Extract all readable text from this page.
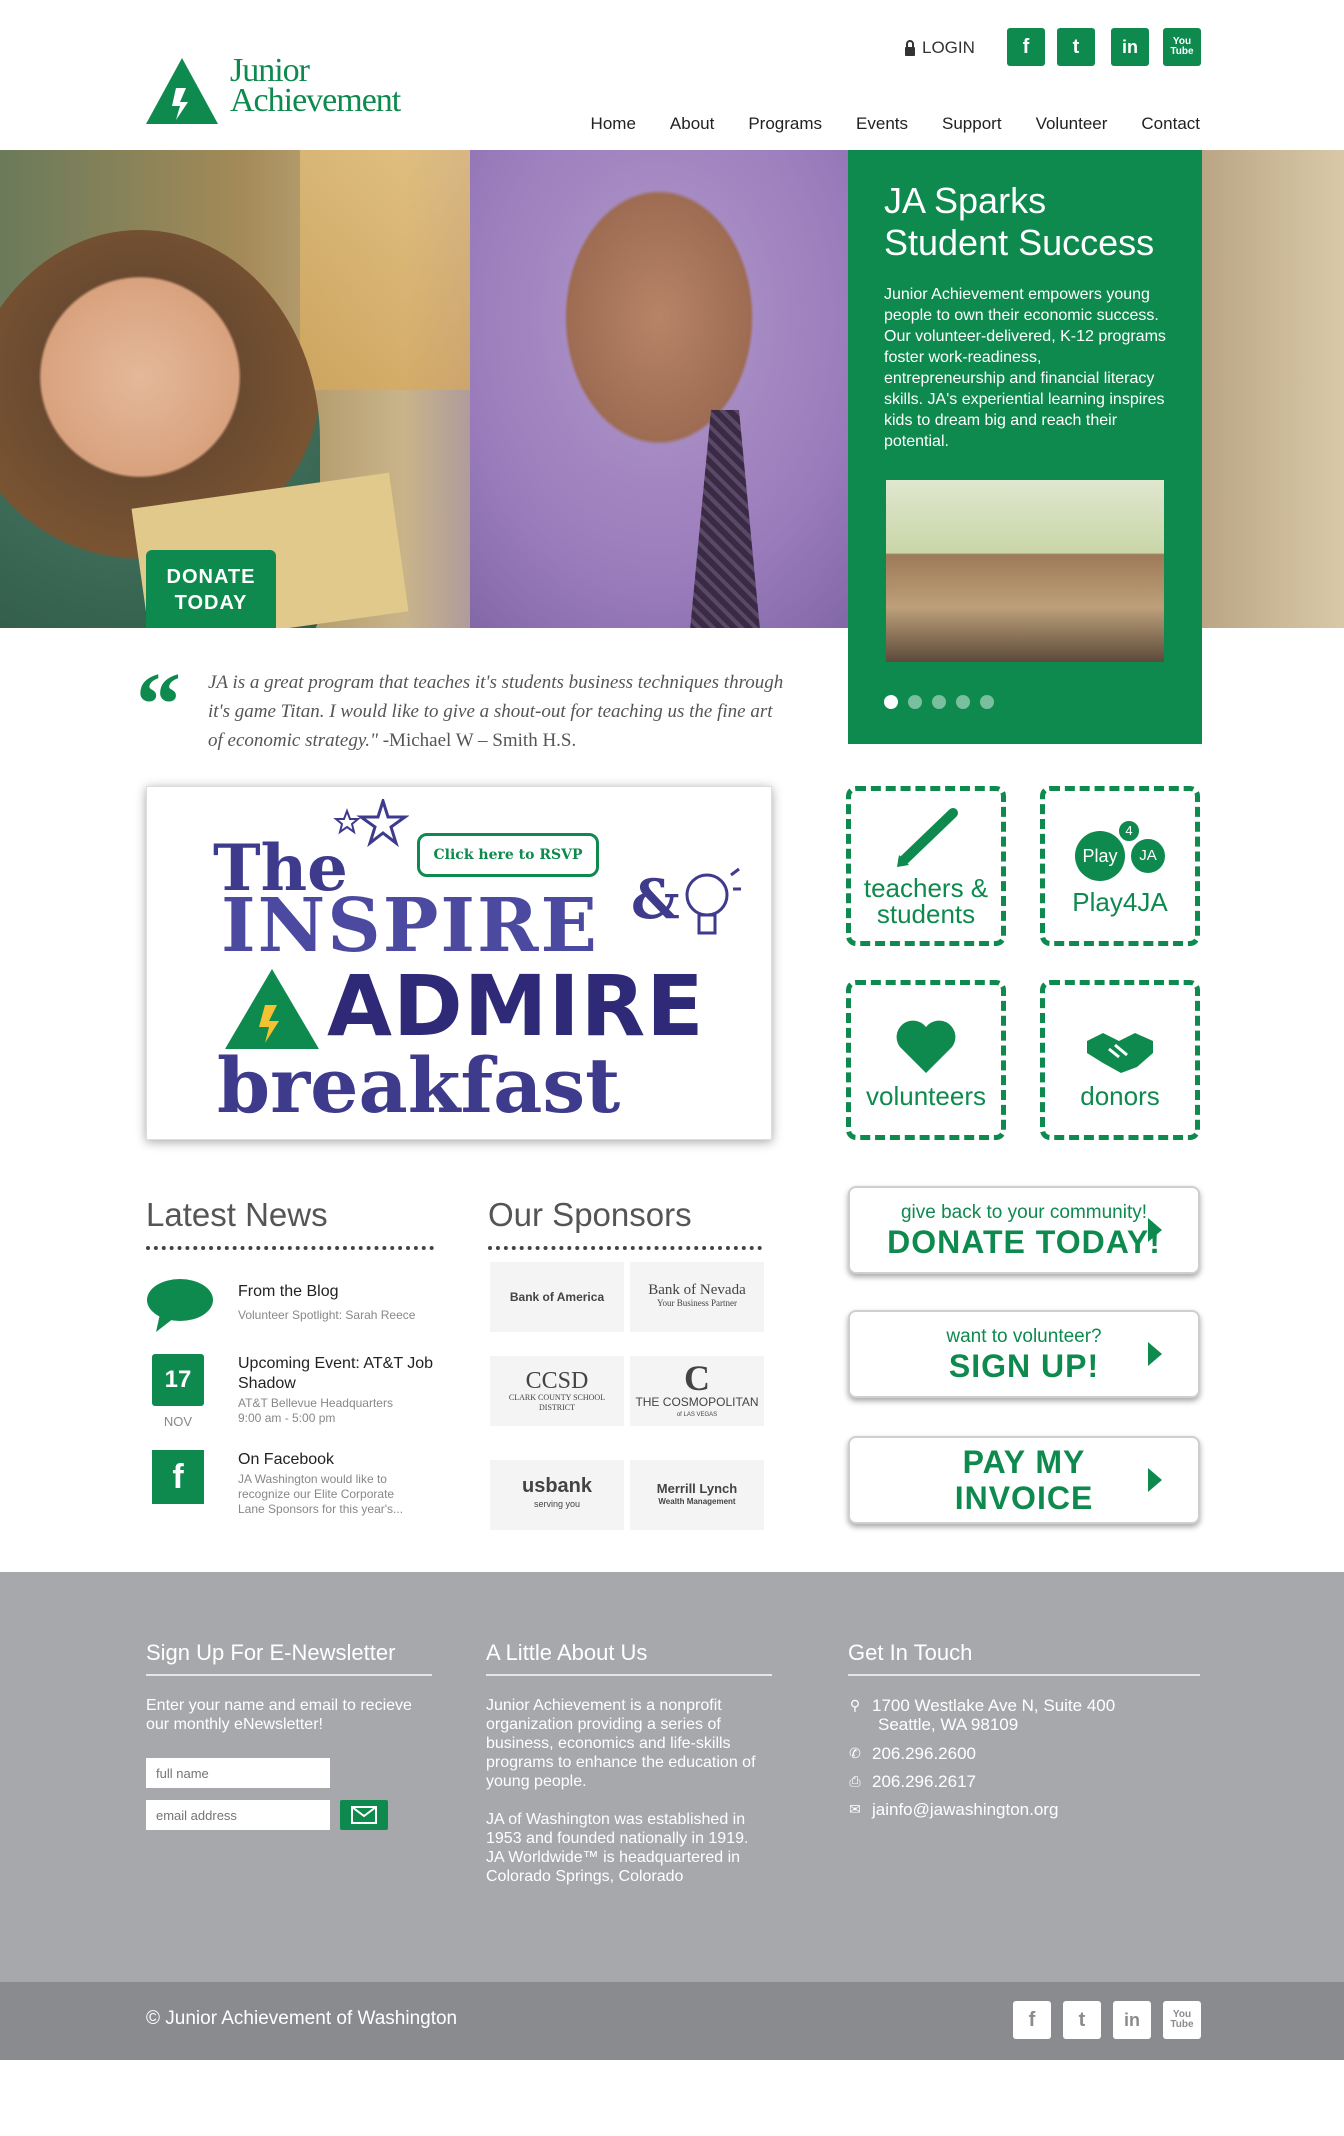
Junior
Achievement
LOGIN	f	t	in	You Tube
Home About Programs Events Support Volunteer Contact
DONATE
TODAY
JA Sparks
Student Success

Junior Achievement empowers young people to own their economic success. Our volunteer-delivered, K-12 programs foster work-readiness, entrepreneurship and financial literacy skills. JA's experiential learning inspires kids to dream big and reach their potential.

“ JA is a great program that teaches it's students business techniques through it's game Titan. I would like to give a shout-out for teaching us the fine art of economic strategy." -Michael W – Smith H.S.
Click here to RSVP
The
INSPIRE &
ADMIRE
breakfast
teachers &
students
Play
4
JA
Play4JA
volunteers	donors
Latest News
From the Blog
Volunteer Spotlight: Sarah Reece
17
NOV
Upcoming Event: AT&T Job Shadow
AT&T Bellevue Headquarters 9:00 am - 5:00 pm
f	On Facebook
JA Washington would like to recognize our Elite Corporate Lane Sponsors for this year's...
Our Sponsors
Bank of America	Bank of Nevada
Your Business Partner
CCSD
CLARK COUNTY SCHOOL DISTRICT
C
THE COSMOPOLITAN
of LAS VEGAS
usbank
serving you
Merrill Lynch
Wealth Management
give back to your community!
DONATE TODAY!
want to volunteer?
SIGN UP!
PAY MY
INVOICE
Sign Up For E-Newsletter
Enter your name and email to recieve our monthly eNewsletter!
full name
email address
A Little About Us
Junior Achievement is a nonprofit organization providing a series of business, economics and life-skills programs to enhance the education of young people.
JA of Washington was established in 1953 and founded nationally in 1919. JA Worldwide™ is headquartered in Colorado Springs, Colorado
Get In Touch
⚲ 1700 Westlake Ave N, Suite 400
Seattle, WA 98109
✆ 206.296.2600
⎙ 206.296.2617
✉ jainfo@jawashington.org
© Junior Achievement of Washington	f	t	in	You Tube
